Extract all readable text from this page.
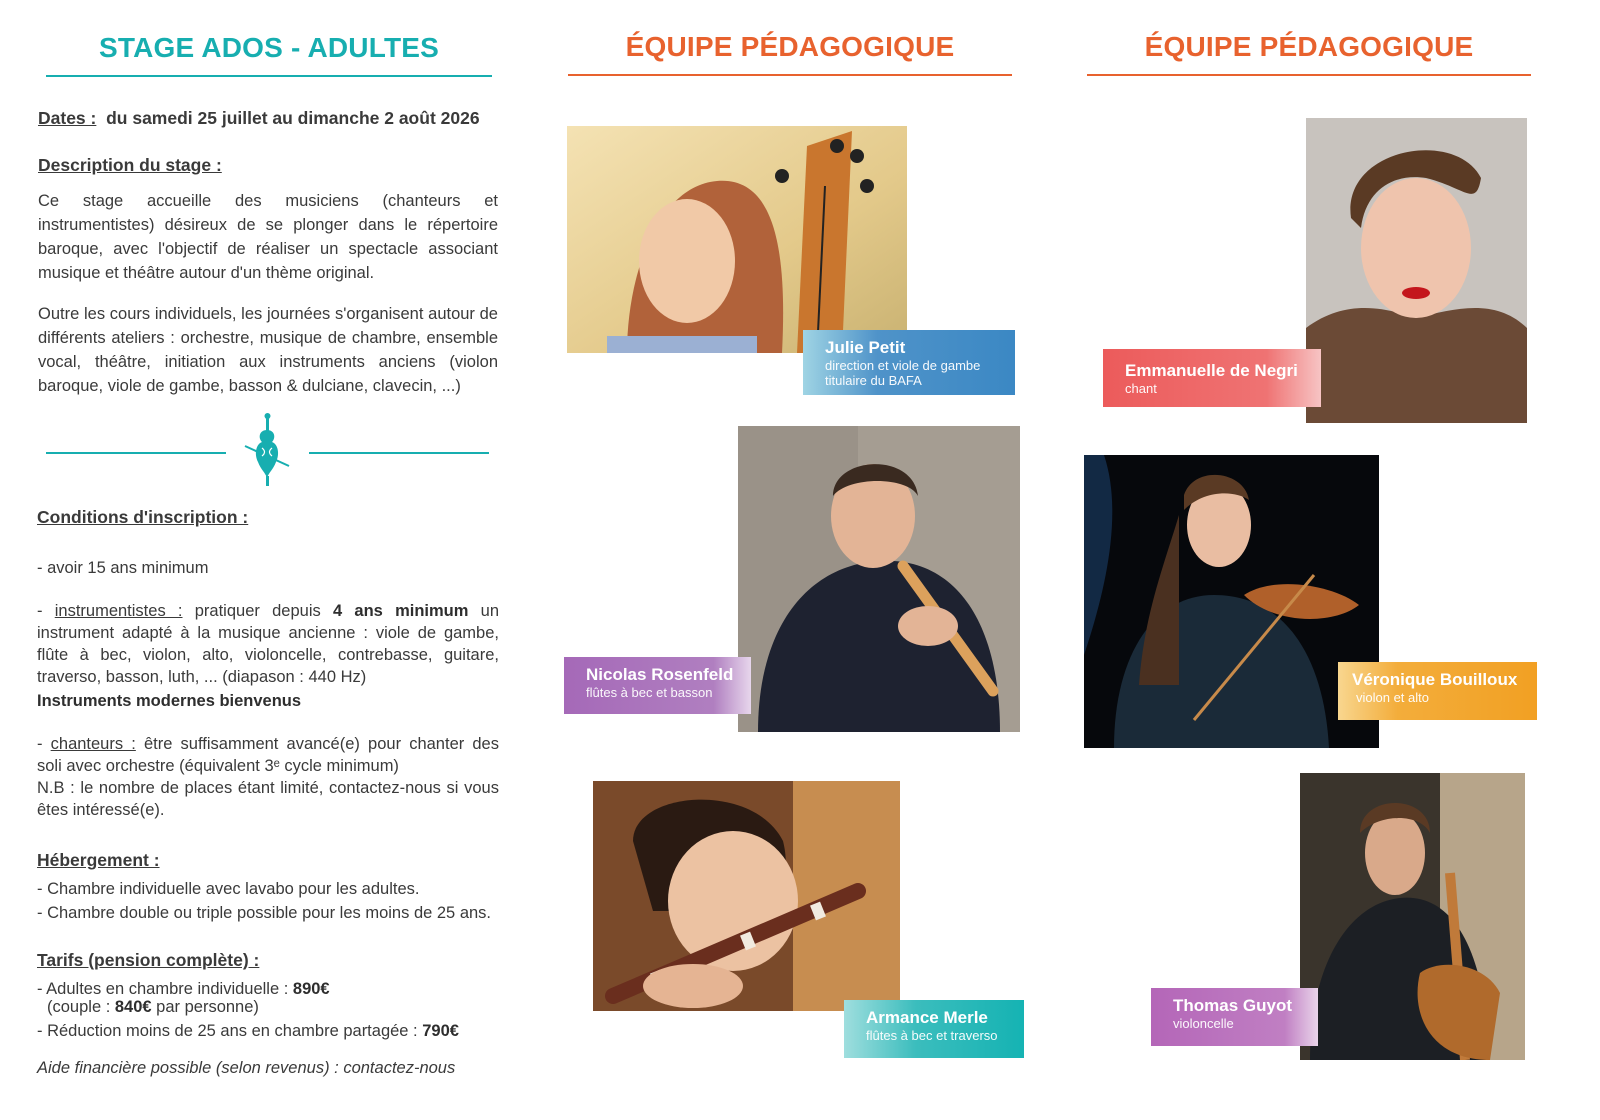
STAGE ADOS - ADULTES
Dates : du samedi 25 juillet au dimanche 2 août 2026
Description du stage :
Ce stage accueille des musiciens (chanteurs et instrumentistes) désireux de se plonger dans le répertoire baroque, avec l'objectif de réaliser un spectacle associant musique et théâtre autour d'un thème original.
Outre les cours individuels, les journées s'organisent autour de différents ateliers : orchestre, musique de chambre, ensemble vocal, théâtre, initiation aux instruments anciens (violon baroque, viole de gambe, basson & dulciane, clavecin, ...)
Conditions d'inscription :
- avoir 15 ans minimum
- instrumentistes : pratiquer depuis 4 ans minimum un instrument adapté à la musique ancienne : viole de gambe, flûte à bec, violon, alto, violoncelle, contrebasse, guitare, traverso, basson, luth, ... (diapason : 440 Hz)
Instruments modernes bienvenus
- chanteurs : être suffisamment avancé(e) pour chanter des soli avec orchestre (équivalent 3ᵉ cycle minimum)
N.B : le nombre de places étant limité, contactez-nous si vous êtes intéressé(e).
Hébergement :
- Chambre individuelle avec lavabo pour les adultes.
- Chambre double ou triple possible pour les moins de 25 ans.
Tarifs (pension complète) :
- Adultes en chambre individuelle : 890€
(couple : 840€ par personne)
- Réduction moins de 25 ans en chambre partagée : 790€
Aide financière possible (selon revenus) : contactez-nous
ÉQUIPE PÉDAGOGIQUE
Julie Petit
direction et viole de gambe
titulaire du BAFA
Nicolas Rosenfeld
flûtes à bec et basson
Armance Merle
flûtes à bec et traverso
ÉQUIPE PÉDAGOGIQUE
Emmanuelle de Negri
chant
Véronique Bouilloux
violon et alto
Thomas Guyot
violoncelle
